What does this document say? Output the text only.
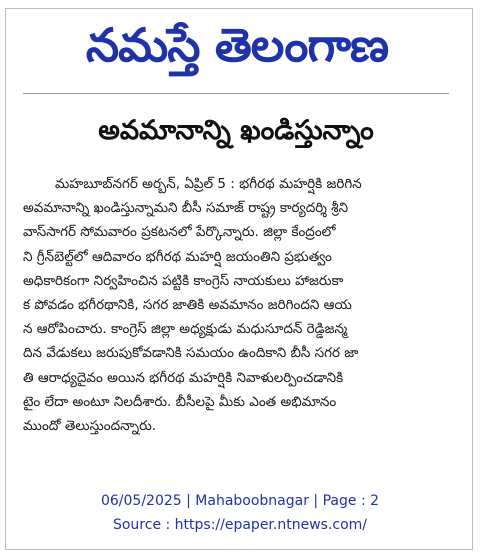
నమస్తే తెలంగాణ
అవమానాన్ని ఖండిస్తున్నాం
మహబూబ్‌నగర్ అర్బన్, ఏప్రిల్ 5 : భగీరథ మహర్షికి జరిగిన
అవమానాన్ని ఖండిస్తున్నామని బీసీ సమాజ్ రాష్ట్ర కార్యదర్శి శ్రీని
వాస్‌సాగర్ సోమవారం ప్రకటనలో పేర్కొన్నారు. జిల్లా కేంద్రంలో
ని గ్రీన్‌బెల్ట్‌లో ఆదివారం భగీరథ మహర్షి జయంతిని ప్రభుత్వం
అధికారికంగా నిర్వహించిన పట్టికి కాంగ్రెస్ నాయకులు హాజరుకా
క పోవడం భగీరథానికి, సగర జాతికి అవమానం జరిగిందని ఆయ
న ఆరోపించారు. కాంగ్రెస్ జిల్లా అధ్యక్షుడు మధుసూదన్ రెడ్డిజన్మ
దిన వేడుకలు జరుపుకోవడానికి సమయం ఉందికాని బీసీ సగర జా
తి ఆరాధ్యదైవం అయిన భగీరథ మహర్షికి నివాళులర్పించడానికి
టైం లేదా అంటూ నిలదీశారు. బీసీలపై మీకు ఎంత అభిమానం
ముందో తెలుస్తుందన్నారు.
06/05/2025 | Mahaboobnagar | Page : 2
Source : https://epaper.ntnews.com/
